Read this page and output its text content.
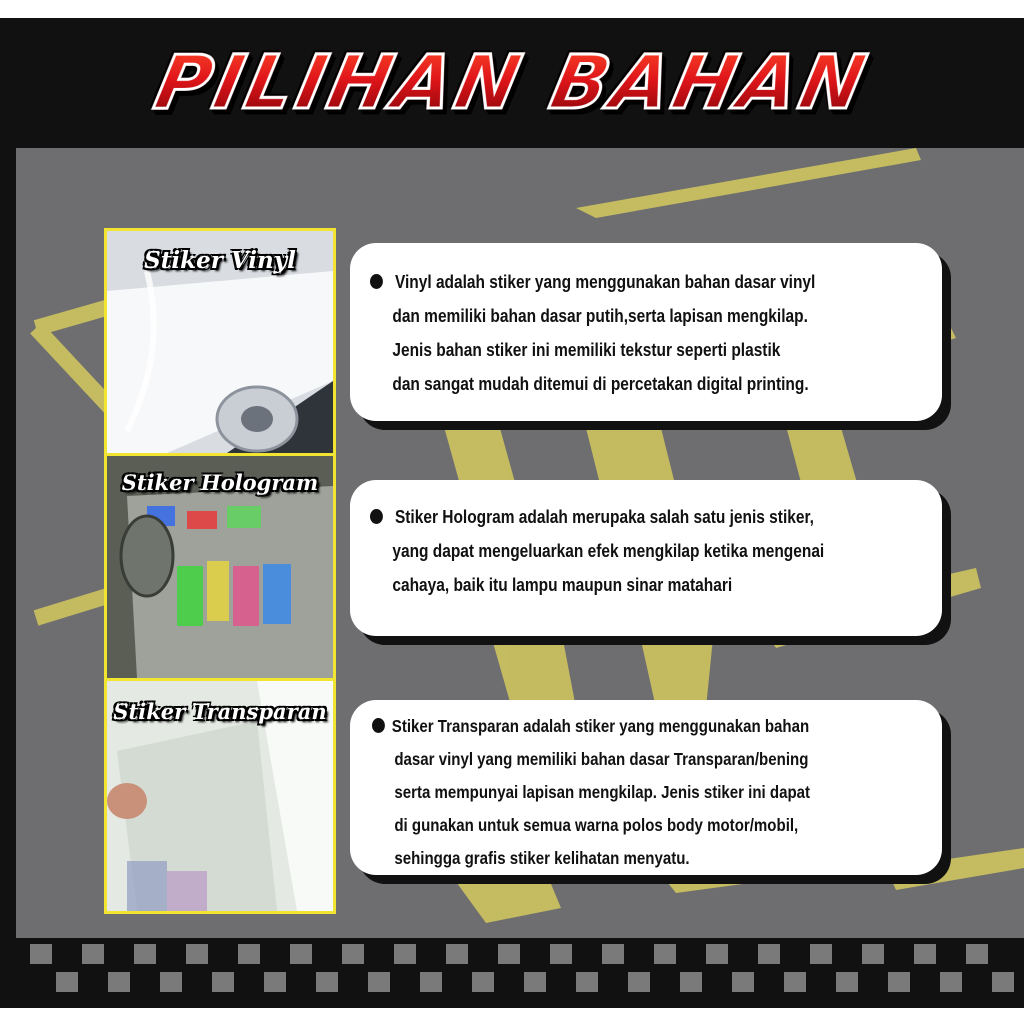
PILIHAN BAHAN
Stiker Vinyl
Stiker Hologram
Stiker Transparan
Vinyl adalah stiker yang menggunakan bahan dasar vinyl
dan memiliki bahan dasar putih,serta lapisan mengkilap.
Jenis bahan stiker ini memiliki tekstur seperti plastik
dan sangat mudah ditemui di percetakan digital printing.
Stiker Hologram adalah merupaka salah satu jenis stiker,
yang dapat mengeluarkan efek mengkilap ketika mengenai
cahaya, baik itu lampu maupun sinar matahari
Stiker Transparan adalah stiker yang menggunakan bahan
dasar vinyl yang memiliki bahan dasar Transparan/bening
serta mempunyai lapisan mengkilap. Jenis stiker ini dapat
di gunakan untuk semua warna polos body motor/mobil,
sehingga grafis stiker kelihatan menyatu.
